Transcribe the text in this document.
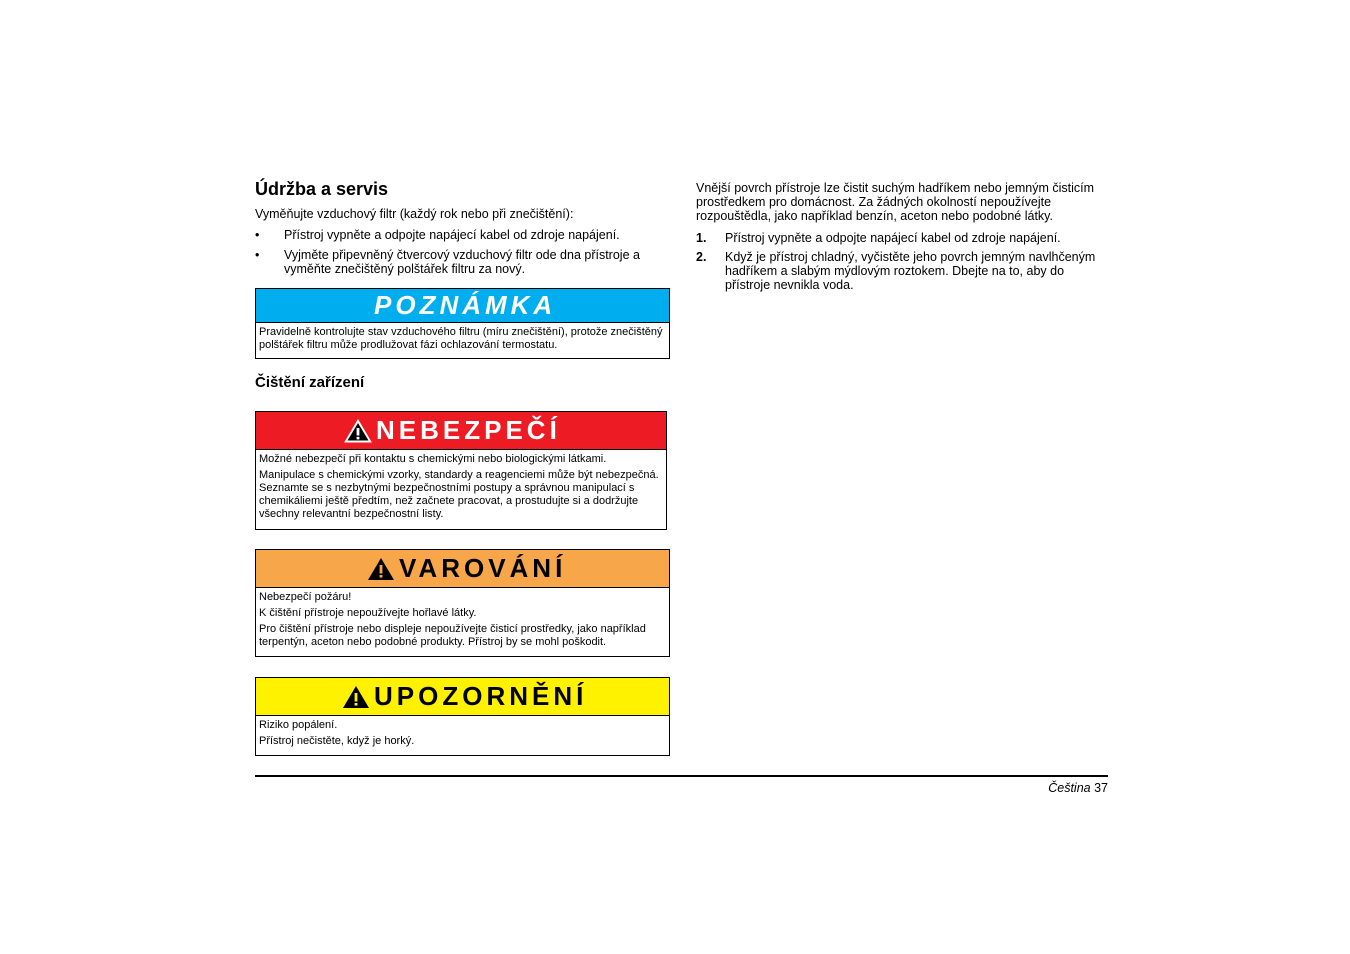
Údržba a servis
Vyměňujte vzduchový filtr (každý rok nebo při znečištění):
•	Přístroj vypněte a odpojte napájecí kabel od zdroje napájení.
•	Vyjměte připevněný čtvercový vzduchový filtr ode dna přístroje a vyměňte znečištěný polštářek filtru za nový.
POZNÁMKA
Pravidelně kontrolujte stav vzduchového filtru (míru znečištění), protože znečištěný polštářek filtru může prodlužovat fázi ochlazování termostatu.
Čištění zařízení
NEBEZPEČÍ
Možné nebezpečí při kontaktu s chemickými nebo biologickými látkami.
Manipulace s chemickými vzorky, standardy a reagenciemi může být nebezpečná. Seznamte se s nezbytnými bezpečnostními postupy a správnou manipulací s chemikáliemi ještě předtím, než začnete pracovat, a prostudujte si a dodržujte všechny relevantní bezpečnostní listy.
VAROVÁNÍ
Nebezpečí požáru!
K čištění přístroje nepoužívejte hořlavé látky.
Pro čištění přístroje nebo displeje nepoužívejte čisticí prostředky, jako například terpentýn, aceton nebo podobné produkty. Přístroj by se mohl poškodit.
UPOZORNĚNÍ
Riziko popálení.
Přístroj nečistěte, když je horký.
Vnější povrch přístroje lze čistit suchým hadříkem nebo jemným čisticím prostředkem pro domácnost. Za žádných okolností nepoužívejte rozpouštědla, jako například benzín, aceton nebo podobné látky.
1.	Přístroj vypněte a odpojte napájecí kabel od zdroje napájení.
2.	Když je přístroj chladný, vyčistěte jeho povrch jemným navlhčeným hadříkem a slabým mýdlovým roztokem. Dbejte na to, aby do přístroje nevnikla voda.
Čeština 37
